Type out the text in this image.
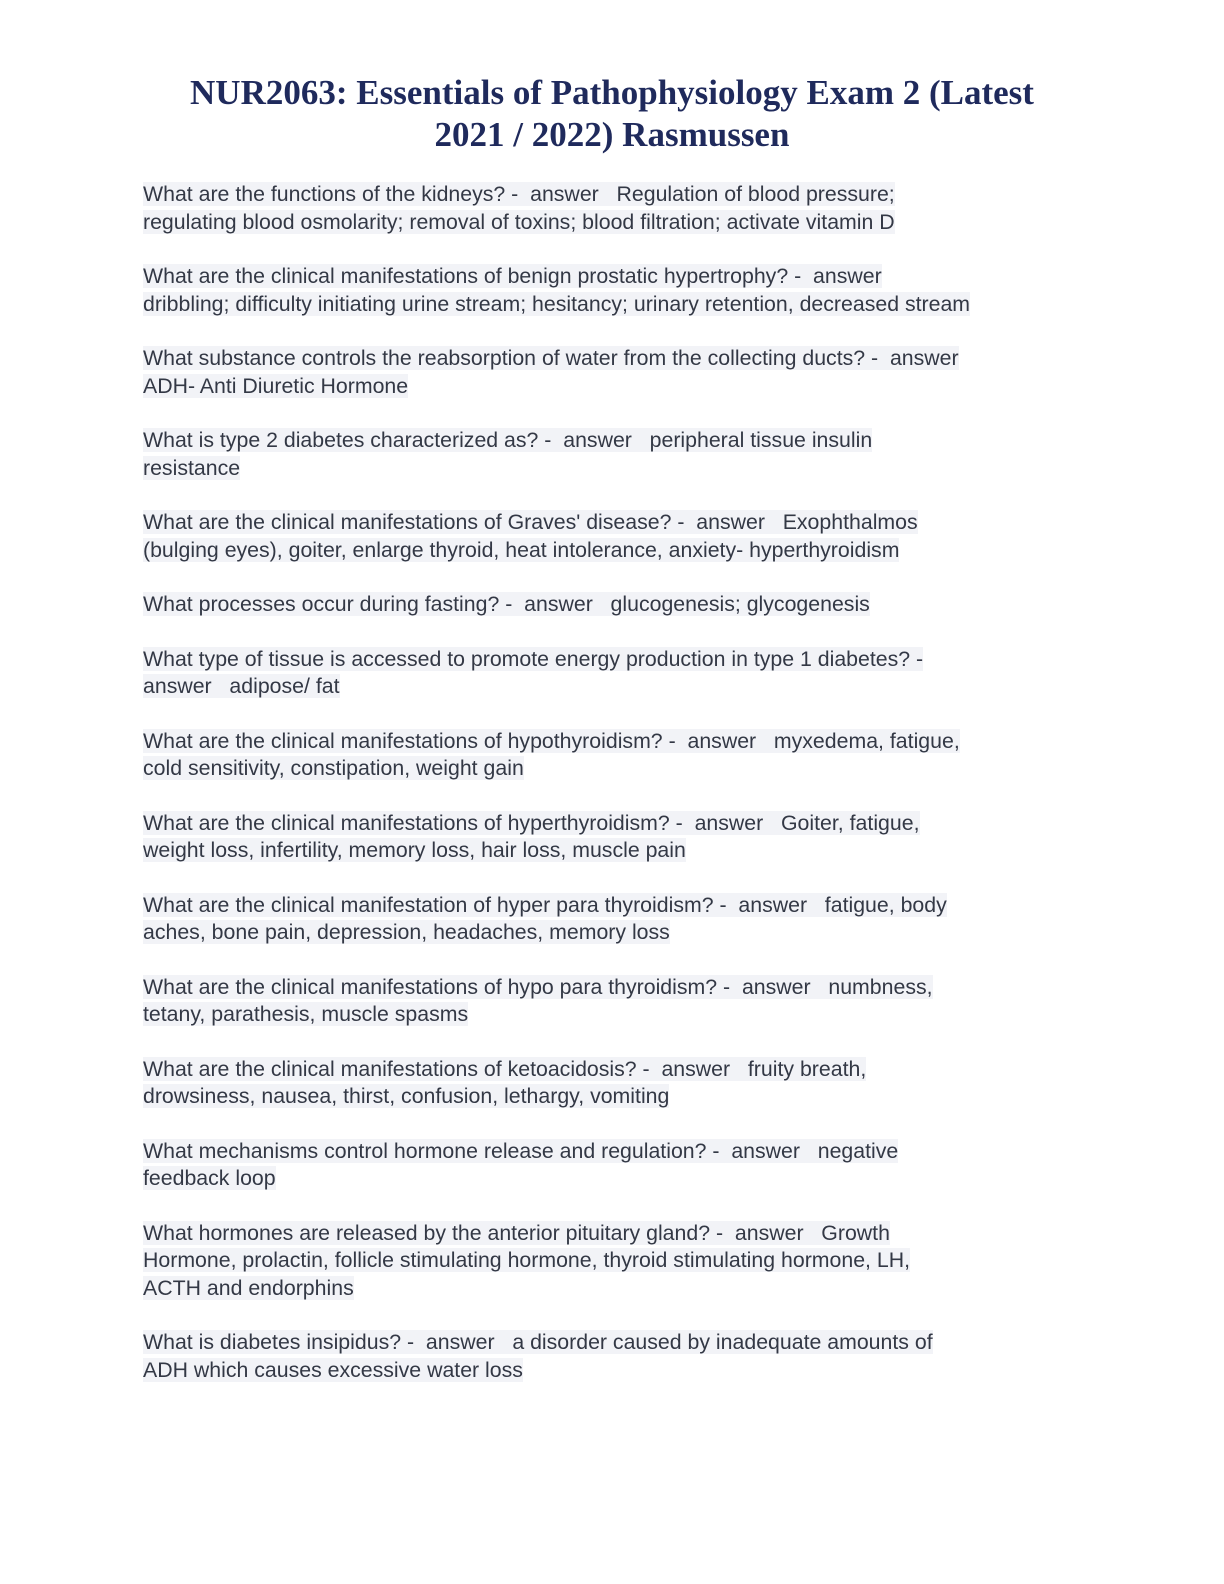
NUR2063: Essentials of Pathophysiology Exam 2 (Latest
2021 / 2022) Rasmussen
What are the functions of the kidneys? -  answer   Regulation of blood pressure;
regulating blood osmolarity; removal of toxins; blood filtration; activate vitamin D
What are the clinical manifestations of benign prostatic hypertrophy? -  answer
dribbling; difficulty initiating urine stream; hesitancy; urinary retention, decreased stream
What substance controls the reabsorption of water from the collecting ducts? -  answer
ADH- Anti Diuretic Hormone
What is type 2 diabetes characterized as? -  answer   peripheral tissue insulin
resistance
What are the clinical manifestations of Graves' disease? -  answer   Exophthalmos
(bulging eyes), goiter, enlarge thyroid, heat intolerance, anxiety- hyperthyroidism
What processes occur during fasting? -  answer   glucogenesis; glycogenesis
What type of tissue is accessed to promote energy production in type 1 diabetes? -
answer   adipose/ fat
What are the clinical manifestations of hypothyroidism? -  answer   myxedema, fatigue,
cold sensitivity, constipation, weight gain
What are the clinical manifestations of hyperthyroidism? -  answer   Goiter, fatigue,
weight loss, infertility, memory loss, hair loss, muscle pain
What are the clinical manifestation of hyper para thyroidism? -  answer   fatigue, body
aches, bone pain, depression, headaches, memory loss
What are the clinical manifestations of hypo para thyroidism? -  answer   numbness,
tetany, parathesis, muscle spasms
What are the clinical manifestations of ketoacidosis? -  answer   fruity breath,
drowsiness, nausea, thirst, confusion, lethargy, vomiting
What mechanisms control hormone release and regulation? -  answer   negative
feedback loop
What hormones are released by the anterior pituitary gland? -  answer   Growth
Hormone, prolactin, follicle stimulating hormone, thyroid stimulating hormone, LH,
ACTH and endorphins
What is diabetes insipidus? -  answer   a disorder caused by inadequate amounts of
ADH which causes excessive water loss
